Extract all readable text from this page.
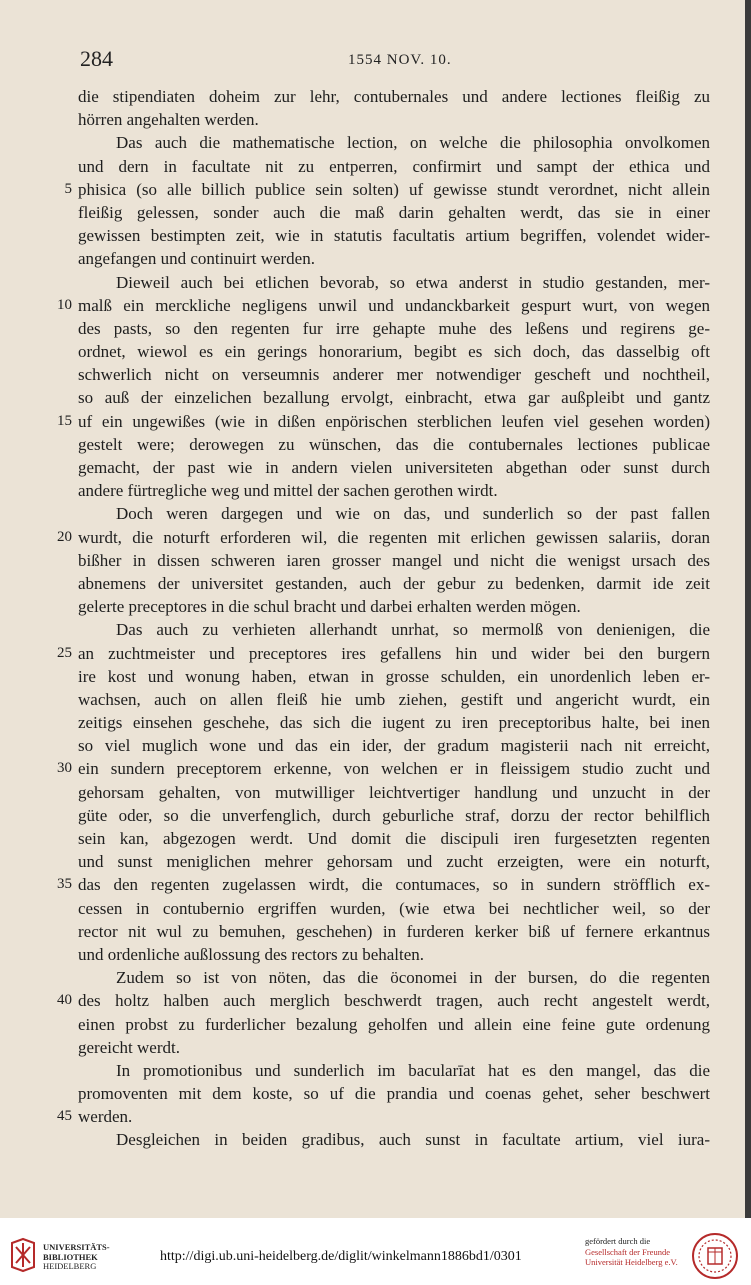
284	1554 NOV. 10.
die stipendiaten doheim zur lehr, contubernales und andere lectiones fleißig zu
hörren angehalten werden.
Das auch die mathematische lection, on welche die philosophia onvolkomen
und dern in facultate nit zu entperren, confirmirt und sampt der ethica und
5 phisica (so alle billich publice sein solten) uf gewisse stundt verordnet, nicht allein
fleißig gelessen, sonder auch die maß darin gehalten werdt, das sie in einer
gewissen bestimpten zeit, wie in statutis facultatis artium begriffen, volendet wider-
angefangen und continuirt werden.
Dieweil auch bei etlichen bevorab, so etwa anderst in studio gestanden, mer-
10 malß ein merckliche negligens unwil und undanckbarkeit gespurt wurt, von wegen
des pasts, so den regenten fur irre gehapte muhe des leßens und regirens ge-
ordnet, wiewol es ein gerings honorarium, begibt es sich doch, das dasselbig oft
schwerlich nicht on verseumnis anderer mer notwendiger gescheft und nochtheil,
so auß der einzelichen bezallung ervolgt, einbracht, etwa gar außpleibt und gantz
15 uf ein ungewißes (wie in dißen enpörischen sterblichen leufen viel gesehen worden)
gestelt were; derowegen zu wünschen, das die contubernales lectiones publicae
gemacht, der past wie in andern vielen universiteten abgethan oder sunst durch
andere fürtregliche weg und mittel der sachen gerothen wirdt.
Doch weren dargegen und wie on das, und sunderlich so der past fallen
20 wurdt, die noturft erforderen wil, die regenten mit erlichen gewissen salariis, doran
bißher in dissen schweren iaren grosser mangel und nicht die wenigst ursach des
abnemens der universitet gestanden, auch der gebur zu bedenken, darmit ide zeit
gelerte preceptores in die schul bracht und darbei erhalten werden mögen.
Das auch zu verhieten allerhandt unrhat, so mermolß von denienigen, die
25 an zuchtmeister und preceptores ires gefallens hin und wider bei den burgern
ire kost und wonung haben, etwan in grosse schulden, ein unordenlich leben er-
wachsen, auch on allen fleiß hie umb ziehen, gestift und angericht wurdt, ein
zeitigs einsehen geschehe, das sich die iugent zu iren preceptoribus halte, bei inen
so viel muglich wone und das ein ider, der gradum magisterii nach nit erreicht,
30 ein sundern preceptorem erkenne, von welchen er in fleissigem studio zucht und
gehorsam gehalten, von mutwilliger leichtvertiger handlung und unzucht in der
güte oder, so die unverfenglich, durch geburliche straf, dorzu der rector behilflich
sein kan, abgezogen werdt. Und domit die discipuli iren furgesetzten regenten
und sunst meniglichen mehrer gehorsam und zucht erzeigten, were ein noturft,
35 das den regenten zugelassen wirdt, die contumaces, so in sundern ströfflich ex-
cessen in contubernio ergriffen wurden, (wie etwa bei nechtlicher weil, so der
rector nit wul zu bemuhen, geschehen) in furderen kerker biß uf fernere erkantnus
und ordenliche außlossung des rectors zu behalten.
Zudem so ist von nöten, das die öconomei in der bursen, do die regenten
40 des holtz halben auch merglich beschwerdt tragen, auch recht angestelt werdt,
einen probst zu furderlicher bezalung geholfen und allein eine feine gute ordenung
gereicht werdt.
In promotionibus und sunderlich im bacularīat hat es den mangel, das die
promoventen mit dem koste, so uf die prandia und coenas gehet, seher beschwert
45 werden.
Desgleichen in beiden gradibus, auch sunst in facultate artium, viel iura-
UNIVERSITÄTS-
BIBLIOTHEK
HEIDELBERG
http://digi.ub.uni-heidelberg.de/diglit/winkelmann1886bd1/0301
gefördert durch die
Gesellschaft der Freunde
Universität Heidelberg e.V.
